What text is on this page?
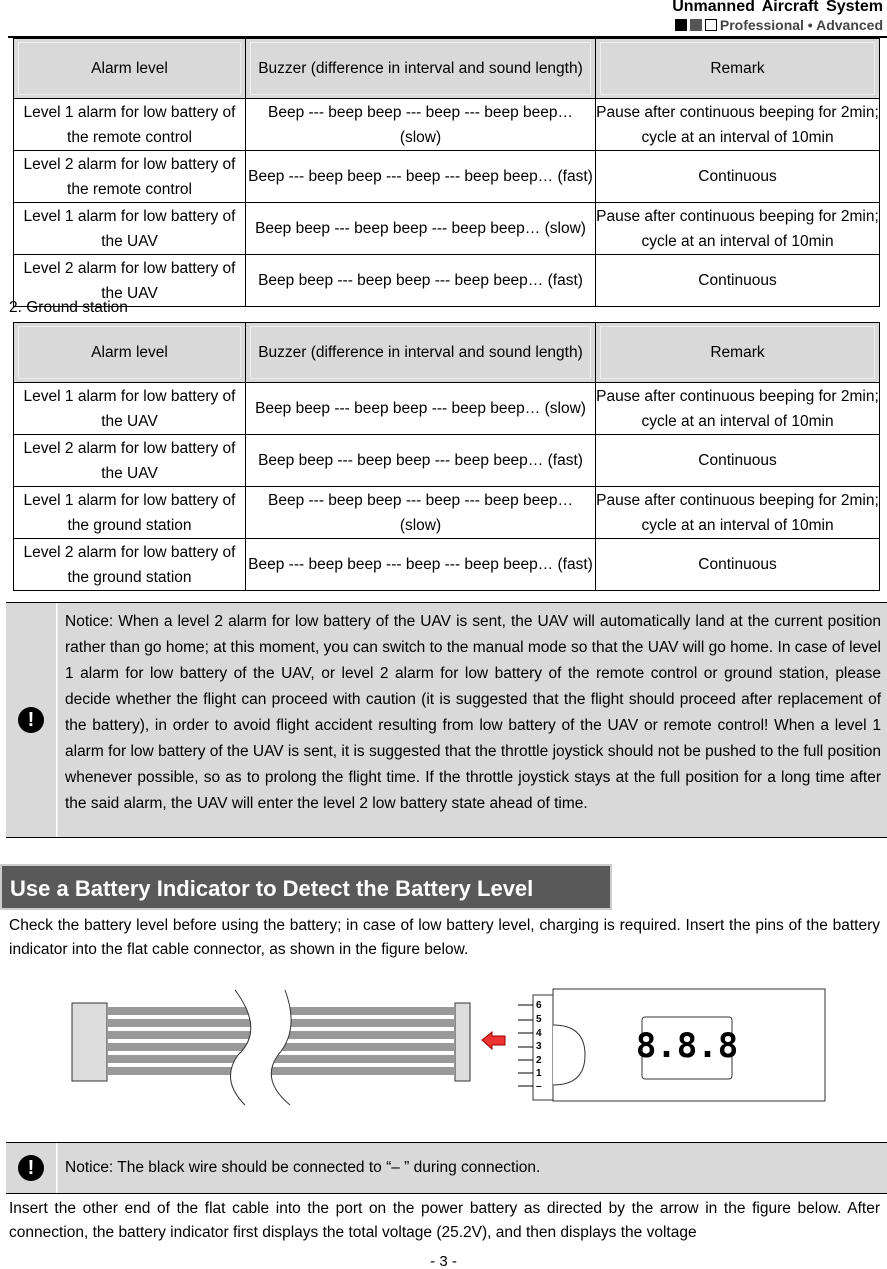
Unmanned Aircraft System
Professional • Advanced
Alarm level	Buzzer (difference in interval and sound length)	Remark

Level 1 alarm for low battery of the remote control	Beep --- beep beep --- beep --- beep beep… (slow)	Pause after continuous beeping for 2min; cycle at an interval of 10min
Level 2 alarm for low battery of the remote control	Beep --- beep beep --- beep --- beep beep… (fast)	Continuous
Level 1 alarm for low battery of the UAV	Beep beep --- beep beep --- beep beep… (slow)	Pause after continuous beeping for 2min; cycle at an interval of 10min
Level 2 alarm for low battery of the UAV	Beep beep --- beep beep --- beep beep… (fast)	Continuous
2. Ground station
Alarm level	Buzzer (difference in interval and sound length)	Remark

Level 1 alarm for low battery of the UAV	Beep beep --- beep beep --- beep beep… (slow)	Pause after continuous beeping for 2min; cycle at an interval of 10min
Level 2 alarm for low battery of the UAV	Beep beep --- beep beep --- beep beep… (fast)	Continuous
Level 1 alarm for low battery of the ground station	Beep --- beep beep --- beep --- beep beep… (slow)	Pause after continuous beeping for 2min; cycle at an interval of 10min
Level 2 alarm for low battery of the ground station	Beep --- beep beep --- beep --- beep beep… (fast)	Continuous
!
Notice: When a level 2 alarm for low battery of the UAV is sent, the UAV will automatically land at the current position rather than go home; at this moment, you can switch to the manual mode so that the UAV will go home. In case of level 1 alarm for low battery of the UAV, or level 2 alarm for low battery of the remote control or ground station, please decide whether the flight can proceed with caution (it is suggested that the flight should proceed after replacement of the battery), in order to avoid flight accident resulting from low battery of the UAV or remote control! When a level 1 alarm for low battery of the UAV is sent, it is suggested that the throttle joystick should not be pushed to the full position whenever possible, so as to prolong the flight time. If the throttle joystick stays at the full position for a long time after the said alarm, the UAV will enter the level 2 low battery state ahead of time.
Use a Battery Indicator to Detect the Battery Level
Check the battery level before using the battery; in case of low battery level, charging is required. Insert the pins of the battery indicator into the flat cable connector, as shown in the figure below.
8.8.8
6
5
4
3
2
1
–
!	Notice: The black wire should be connected to “– ” during connection.
Insert the other end of the flat cable into the port on the power battery as directed by the arrow in the figure below. After connection, the battery indicator first displays the total voltage (25.2V), and then displays the voltage
- 3 -
